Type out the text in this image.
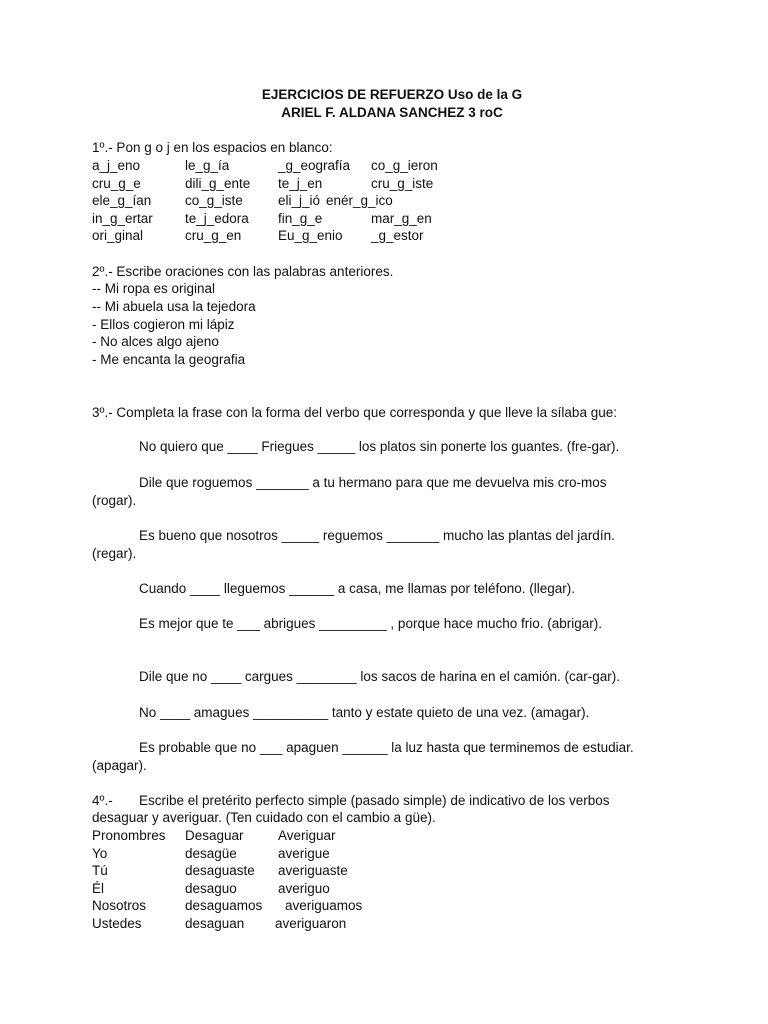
EJERCICIOS DE REFUERZO Uso de la G
ARIEL F. ALDANA SANCHEZ 3 roC
1º.- Pon g o j en los espacios en blanco:
a_j_eno	le_g_ía	_g_eografía co_g_ieron
cru_g_e	dili_g_ente te_j_en	cru_g_iste
ele_g_ían co_g_iste	eli_j_ió enér_g_ico
in_g_ertar te_j_edora fin_g_e	mar_g_en
ori_ginal	cru_g_en	Eu_g_enio _g_estor
2º.- Escribe oraciones con las palabras anteriores.
-- Mi ropa es original
-- Mi abuela usa la tejedora
- Ellos cogieron mi lápiz
- No alces algo ajeno
- Me encanta la geografia
3º.- Completa la frase con la forma del verbo que corresponda y que lleve la sílaba gue:
No quiero que ____ Friegues _____ los platos sin ponerte los guantes. (fre-gar).
Dile que roguemos _______ a tu hermano para que me devuelva mis cro-mos
(rogar).
Es bueno que nosotros _____ reguemos _______ mucho las plantas del jardín.
(regar).
Cuando ____ lleguemos ______ a casa, me llamas por teléfono. (llegar).
Es mejor que te ___ abrigues _________ , porque hace mucho frio. (abrigar).
Dile que no ____ cargues ________ los sacos de harina en el camión. (car-gar).
No ____ amagues __________ tanto y estate quieto de una vez. (amagar).
Es probable que no ___ apaguen ______ la luz hasta que terminemos de estudiar.
(apagar).
4º.- Escribe el pretérito perfecto simple (pasado simple) de indicativo de los verbos
desaguar y averiguar. (Ten cuidado con el cambio a güe).
Pronombres Desaguar	Averiguar
Yo	desagüe	averigue
Tú	desaguaste averiguaste
Él	desaguo	averiguo
Nosotros	desaguamos averiguamos
Ustedes	desaguan averiguaron
